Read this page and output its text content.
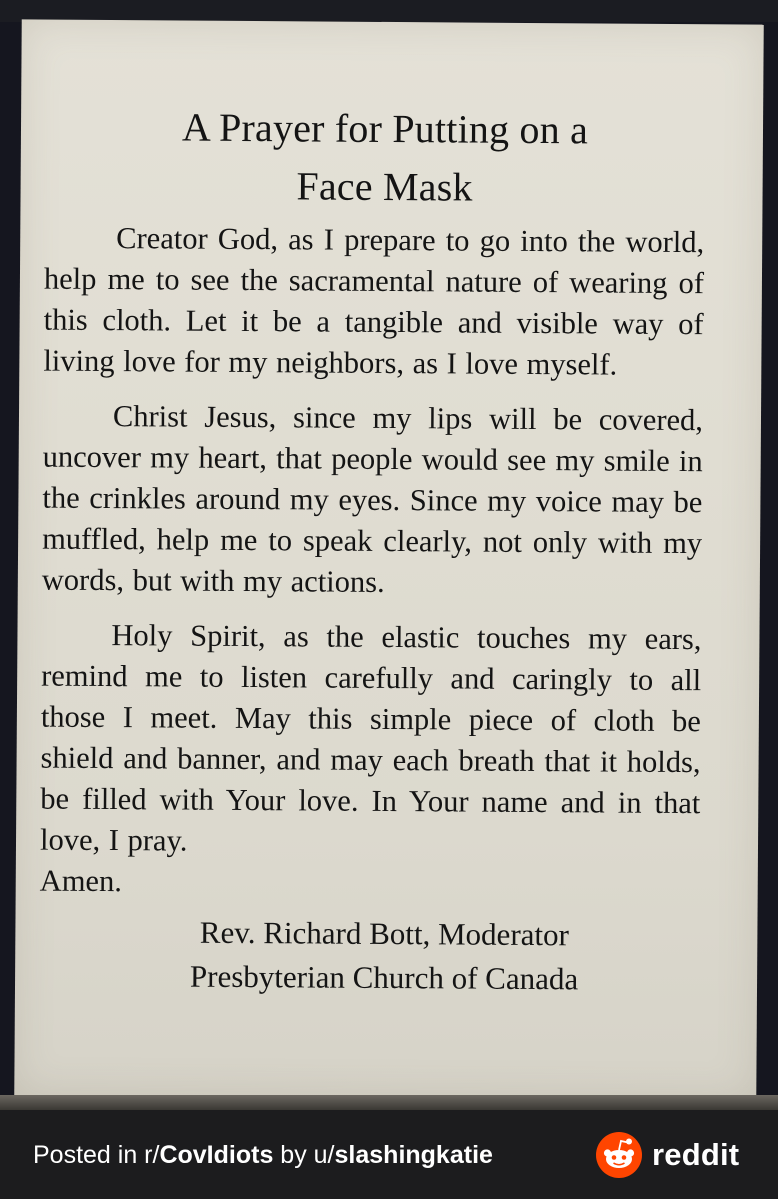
A Prayer for Putting on a
Face Mask

Creator God, as I prepare to go into the world, help me to see the sacramental nature of wearing of this cloth. Let it be a tangible and visible way of living love for my neighbors, as I love myself.

Christ Jesus, since my lips will be covered, uncover my heart, that people would see my smile in the crinkles around my eyes. Since my voice may be muffled, help me to speak clearly, not only with my words, but with my actions.

Holy Spirit, as the elastic touches my ears, remind me to listen carefully and caringly to all those I meet. May this simple piece of cloth be shield and banner, and may each breath that it holds, be filled with Your love. In Your name and in that love, I pray.

Amen.

Rev. Richard Bott, Moderator
Presbyterian Church of Canada
Posted in r/CovIdiots by u/slashingkatie	reddit
